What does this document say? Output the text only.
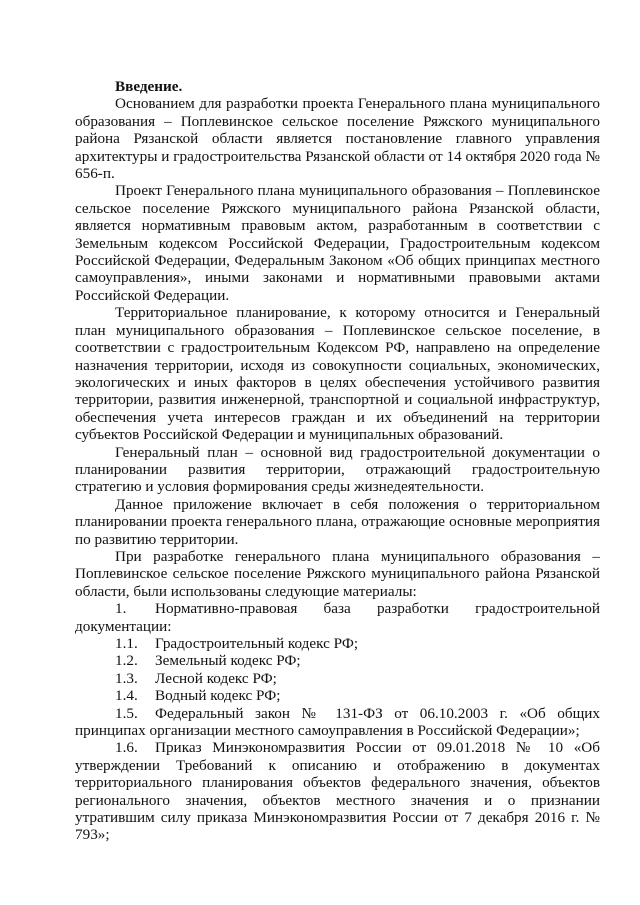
Введение.

Основанием для разработки проекта Генерального плана муниципального образования – Поплевинское сельское поселение Ряжского муниципального района Рязанской области является постановление главного управления архитектуры и градостроительства Рязанской области от 14 октября 2020 года № 656-п.

Проект Генерального плана муниципального образования – Поплевинское сельское поселение Ряжского муниципального района Рязанской области, является нормативным правовым актом, разработанным в соответствии с Земельным кодексом Российской Федерации, Градостроительным кодексом Российской Федерации, Федеральным Законом «Об общих принципах местного самоуправления», иными законами и нормативными правовыми актами Российской Федерации.

Территориальное планирование, к которому относится и Генеральный план муниципального образования – Поплевинское сельское поселение, в соответствии с градостроительным Кодексом РФ, направлено на определение назначения территории, исходя из совокупности социальных, экономических, экологических и иных факторов в целях обеспечения устойчивого развития территории, развития инженерной, транспортной и социальной инфраструктур, обеспечения учета интересов граждан и их объединений на территории субъектов Российской Федерации и муниципальных образований.

Генеральный план – основной вид градостроительной документации о планировании развития территории, отражающий градостроительную стратегию и условия формирования среды жизнедеятельности.

Данное приложение включает в себя положения о территориальном планировании проекта генерального плана, отражающие основные мероприятия по развитию территории.

При разработке генерального плана муниципального образования – Поплевинское сельское поселение Ряжского муниципального района Рязанской области, были использованы следующие материалы:

1. Нормативно-правовая база разработки градостроительной документации:

1.1.	Градостроительный кодекс РФ;

1.2.	Земельный кодекс РФ;

1.3.	Лесной кодекс РФ;

1.4.	Водный кодекс РФ;

1.5. Федеральный закон № 131-ФЗ от 06.10.2003 г. «Об общих принципах организации местного самоуправления в Российской Федерации»;

1.6. Приказ Минэкономразвития России от 09.01.2018 № 10 «Об утверждении Требований к описанию и отображению в документах территориального планирования объектов федерального значения, объектов регионального значения, объектов местного значения и о признании утратившим силу приказа Минэкономразвития России от 7 декабря 2016 г. № 793»;
